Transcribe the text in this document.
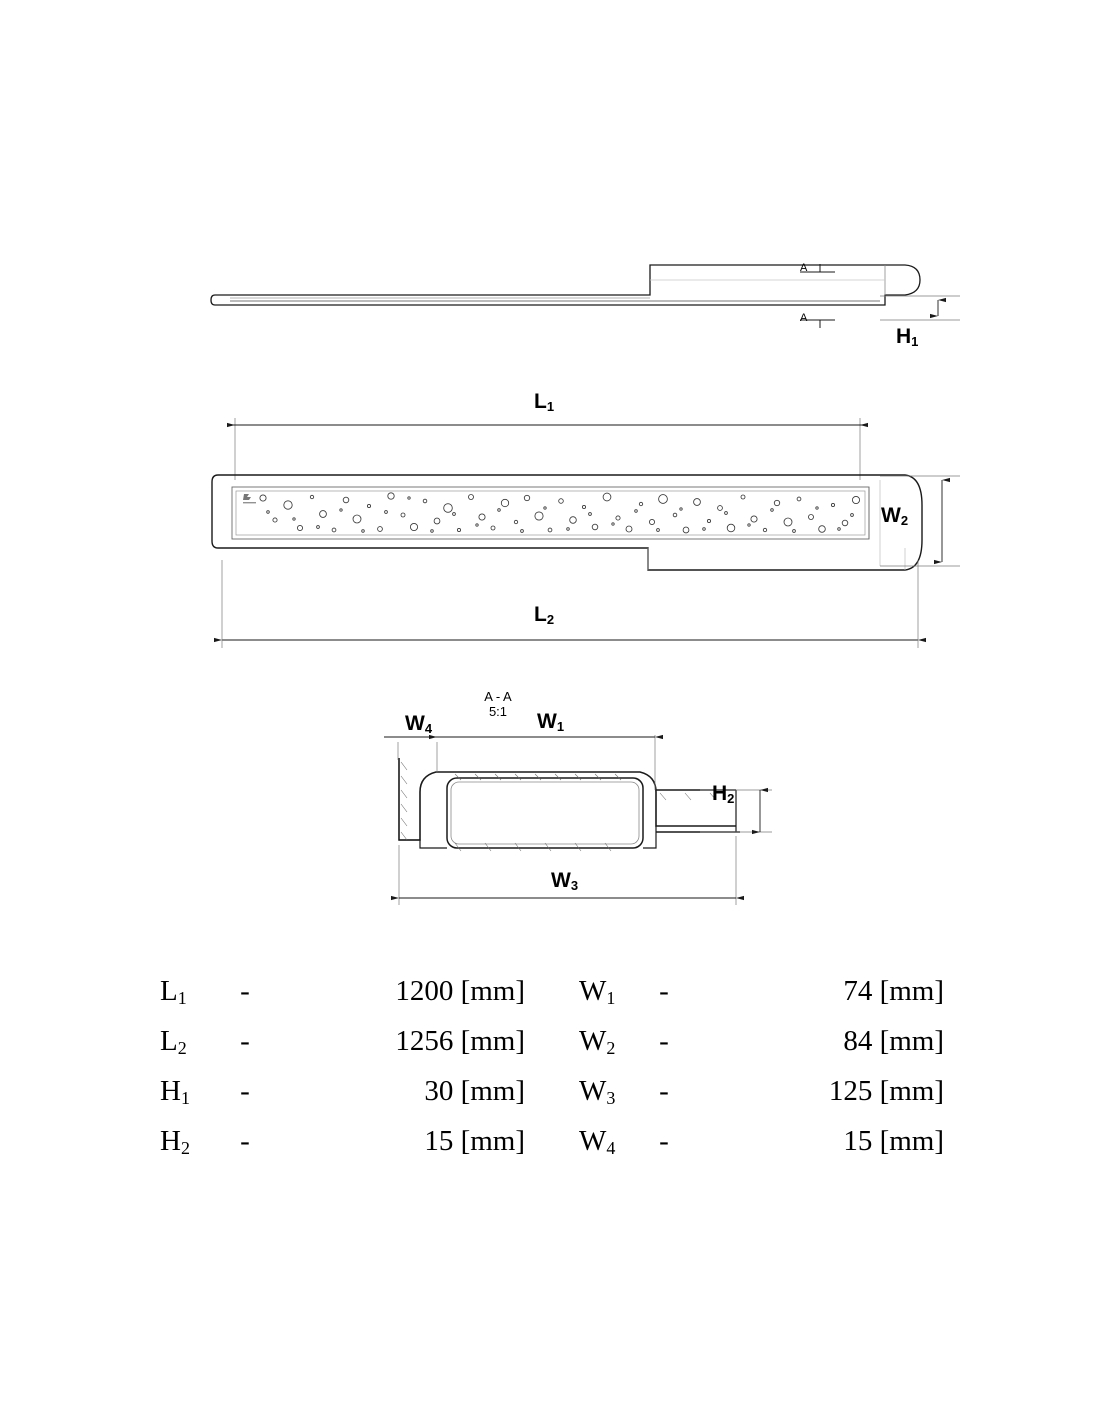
$H_1$
$L_1$
$W_2$
$L_2$
A - A
5:1
$W_4$	$W_1$
$H_2$
$W_3$
A
A
$L_1$	-	1200 [mm] $W_1$	-	74 [mm]
$L_2$	-	1256 [mm] $W_2$	-	84 [mm]
$H_1$	-	30 [mm] $W_3$	-	125 [mm]
$H_2$	-	15 [mm] $W_4$	-	15 [mm]
